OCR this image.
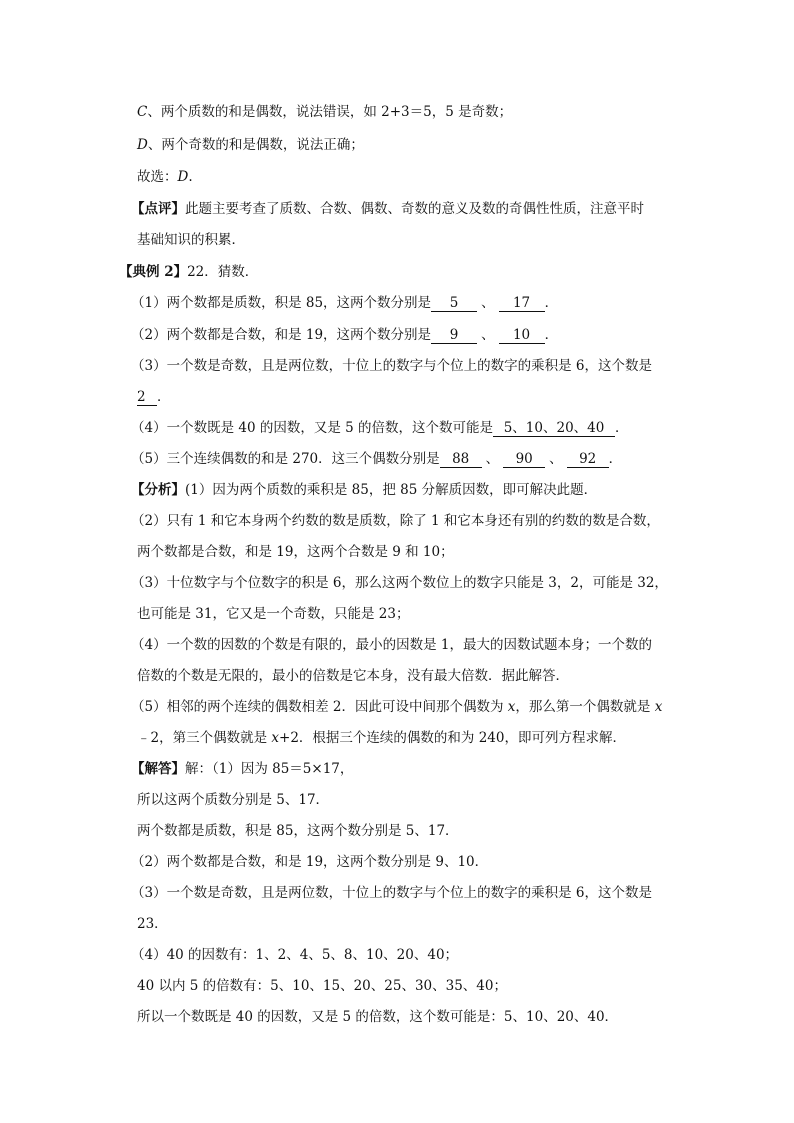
C、两个质数的和是偶数，说法错误，如 2+3＝5，5 是奇数；
D、两个奇数的和是偶数，说法正确；
故选：D.
【点评】此题主要考查了质数、合数、偶数、奇数的意义及数的奇偶性性质，注意平时
基础知识的积累．
【典例 2】22．猜数．
（1）两个数都是质数，积是 85，这两个数分别是 5 、 17 ．
（2）两个数都是合数，和是 19，这两个数分别是 9 、 10 ．
（3）一个数是奇数，且是两位数，十位上的数字与个位上的数字的乘积是 6，这个数是
2 ．
（4）一个数既是 40 的因数，又是 5 的倍数，这个数可能是 5、10、20、40 ．
（5）三个连续偶数的和是 270．这三个偶数分别是 88 、 90 、 92 ．
【分析】(1）因为两个质数的乘积是 85，把 85 分解质因数，即可解决此题．
（2）只有 1 和它本身两个约数的数是质数，除了 1 和它本身还有别的约数的数是合数，
两个数都是合数，和是 19，这两个合数是 9 和 10；
（3）十位数字与个位数字的积是 6，那么这两个数位上的数字只能是 3，2，可能是 32，
也可能是 31，它又是一个奇数，只能是 23；
（4）一个数的因数的个数是有限的，最小的因数是 1，最大的因数试题本身；一个数的
倍数的个数是无限的，最小的倍数是它本身，没有最大倍数．据此解答．
（5）相邻的两个连续的偶数相差 2．因此可设中间那个偶数为 x，那么第一个偶数就是 x
﹣2，第三个偶数就是 x+2．根据三个连续的偶数的和为 240，即可列方程求解．
【解答】解：（1）因为 85＝5×17，
所以这两个质数分别是 5、17．
两个数都是质数，积是 85，这两个数分别是 5、17．
（2）两个数都是合数，和是 19，这两个数分别是 9、10．
（3）一个数是奇数，且是两位数，十位上的数字与个位上的数字的乘积是 6，这个数是
23．
（4）40 的因数有：1、2、4、5、8、10、20、40；
40 以内 5 的倍数有：5、10、15、20、25、30、35、40；
所以一个数既是 40 的因数，又是 5 的倍数，这个数可能是：5、10、20、40．
